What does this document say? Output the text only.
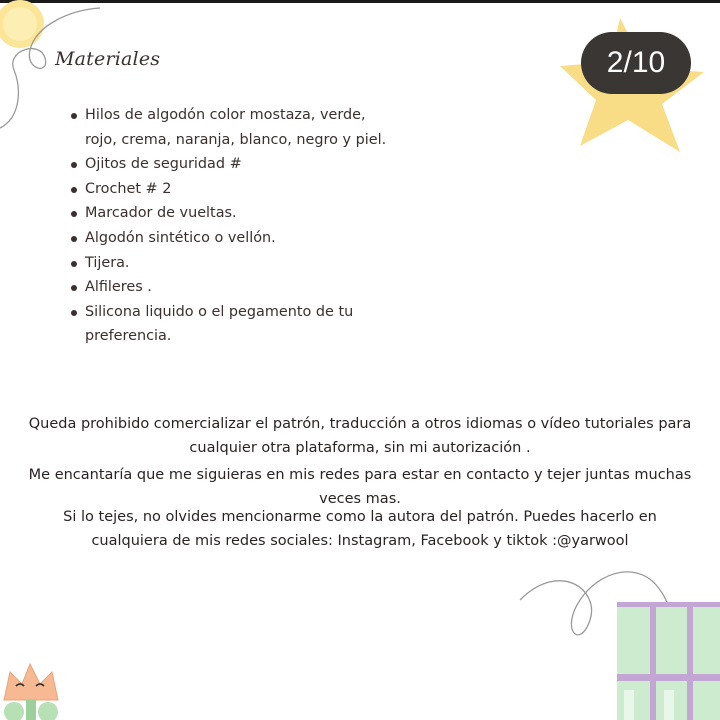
Materiales	2/10
Hilos de algodón color mostaza, verde, rojo, crema, naranja, blanco, negro y piel.
Ojitos de seguridad #
Crochet # 2
Marcador de vueltas.
Algodón sintético o vellón.
Tijera.
Alfileres .
Silicona liquido o el pegamento de tu preferencia.
Queda prohibido comercializar el patrón, traducción a otros idiomas o vídeo tutoriales para cualquier otra plataforma, sin mi autorización .
Me encantaría que me siguieras en mis redes para estar en contacto y tejer juntas muchas veces mas.
Si lo tejes, no olvides mencionarme como la autora del patrón. Puedes hacerlo en cualquiera de mis redes sociales: Instagram, Facebook y tiktok :@yarwool
